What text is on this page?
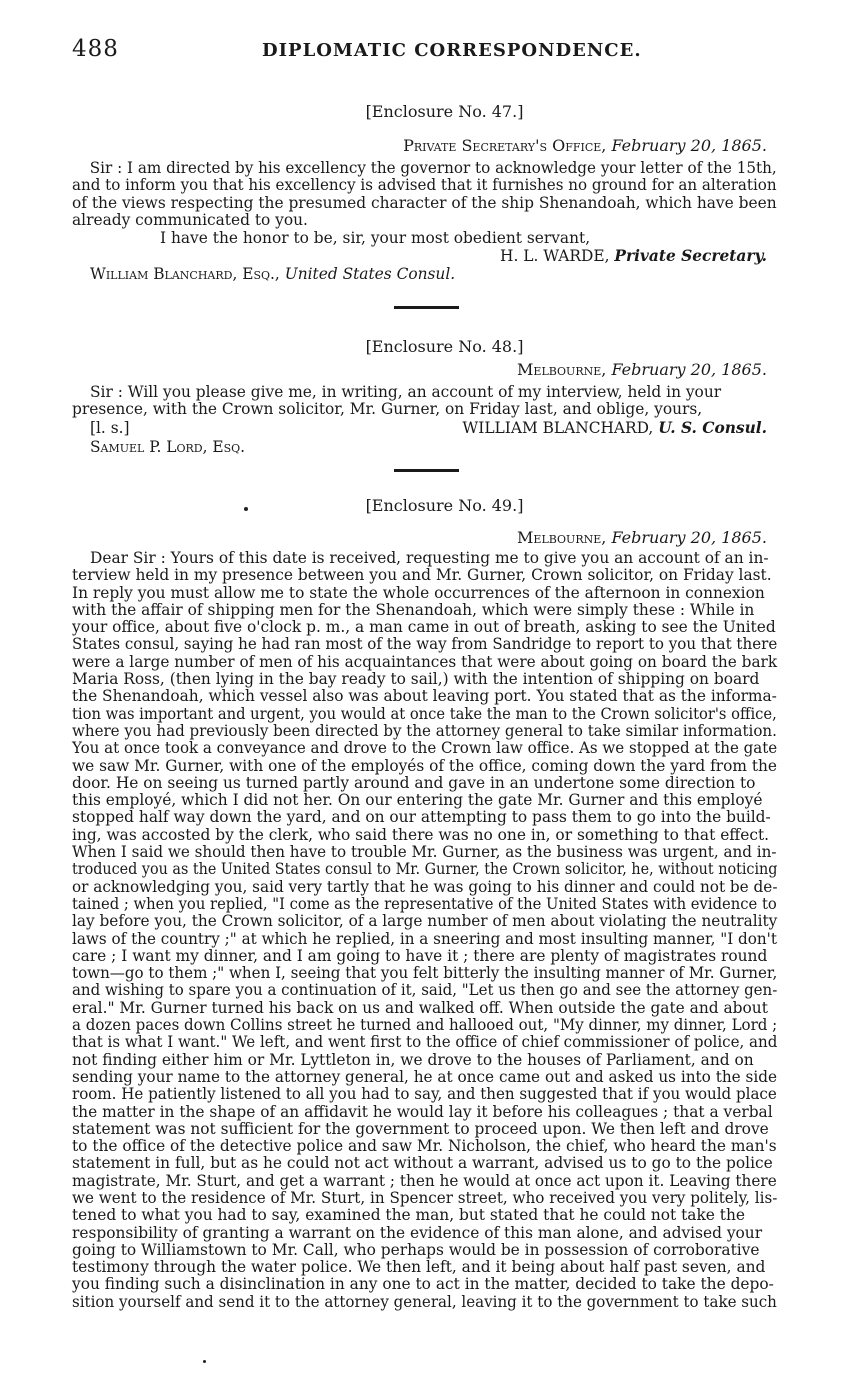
488	DIPLOMATIC CORRESPONDENCE.
[Enclosure No. 47.]
Private Secretary's Office, February 20, 1865.
Sir : I am directed by his excellency the governor to acknowledge your letter of the 15th,
and to inform you that his excellency is advised that it furnishes no ground for an alteration
of the views respecting the presumed character of the ship Shenandoah, which have been
already communicated to you.
I have the honor to be, sir, your most obedient servant,
H. L. WARDE, Private Secretary.
William Blanchard, Esq., United States Consul.
[Enclosure No. 48.]
Melbourne, February 20, 1865.
Sir : Will you please give me, in writing, an account of my interview, held in your
presence, with the Crown solicitor, Mr. Gurner, on Friday last, and oblige, yours,
[l. s.]	WILLIAM BLANCHARD, U. S. Consul.
Samuel P. Lord, Esq.
[Enclosure No. 49.]
Melbourne, February 20, 1865.
Dear Sir : Yours of this date is received, requesting me to give you an account of an in-
terview held in my presence between you and Mr. Gurner, Crown solicitor, on Friday last.
In reply you must allow me to state the whole occurrences of the afternoon in connexion
with the affair of shipping men for the Shenandoah, which were simply these : While in
your office, about five o'clock p. m., a man came in out of breath, asking to see the United
States consul, saying he had ran most of the way from Sandridge to report to you that there
were a large number of men of his acquaintances that were about going on board the bark
Maria Ross, (then lying in the bay ready to sail,) with the intention of shipping on board
the Shenandoah, which vessel also was about leaving port. You stated that as the informa-
tion was important and urgent, you would at once take the man to the Crown solicitor's office,
where you had previously been directed by the attorney general to take similar information.
You at once took a conveyance and drove to the Crown law office. As we stopped at the gate
we saw Mr. Gurner, with one of the employés of the office, coming down the yard from the
door. He on seeing us turned partly around and gave in an undertone some direction to
this employé, which I did not her. On our entering the gate Mr. Gurner and this employé
stopped half way down the yard, and on our attempting to pass them to go into the build-
ing, was accosted by the clerk, who said there was no one in, or something to that effect.
When I said we should then have to trouble Mr. Gurner, as the business was urgent, and in-
troduced you as the United States consul to Mr. Gurner, the Crown solicitor, he, without noticing
or acknowledging you, said very tartly that he was going to his dinner and could not be de-
tained ; when you replied, "I come as the representative of the United States with evidence to
lay before you, the Crown solicitor, of a large number of men about violating the neutrality
laws of the country ;" at which he replied, in a sneering and most insulting manner, "I don't
care ; I want my dinner, and I am going to have it ; there are plenty of magistrates round
town—go to them ;" when I, seeing that you felt bitterly the insulting manner of Mr. Gurner,
and wishing to spare you a continuation of it, said, "Let us then go and see the attorney gen-
eral." Mr. Gurner turned his back on us and walked off. When outside the gate and about
a dozen paces down Collins street he turned and hallooed out, "My dinner, my dinner, Lord ;
that is what I want." We left, and went first to the office of chief commissioner of police, and
not finding either him or Mr. Lyttleton in, we drove to the houses of Parliament, and on
sending your name to the attorney general, he at once came out and asked us into the side
room. He patiently listened to all you had to say, and then suggested that if you would place
the matter in the shape of an affidavit he would lay it before his colleagues ; that a verbal
statement was not sufficient for the government to proceed upon. We then left and drove
to the office of the detective police and saw Mr. Nicholson, the chief, who heard the man's
statement in full, but as he could not act without a warrant, advised us to go to the police
magistrate, Mr. Sturt, and get a warrant ; then he would at once act upon it. Leaving there
we went to the residence of Mr. Sturt, in Spencer street, who received you very politely, lis-
tened to what you had to say, examined the man, but stated that he could not take the
responsibility of granting a warrant on the evidence of this man alone, and advised your
going to Williamstown to Mr. Call, who perhaps would be in possession of corroborative
testimony through the water police. We then left, and it being about half past seven, and
you finding such a disinclination in any one to act in the matter, decided to take the depo-
sition yourself and send it to the attorney general, leaving it to the government to take such
